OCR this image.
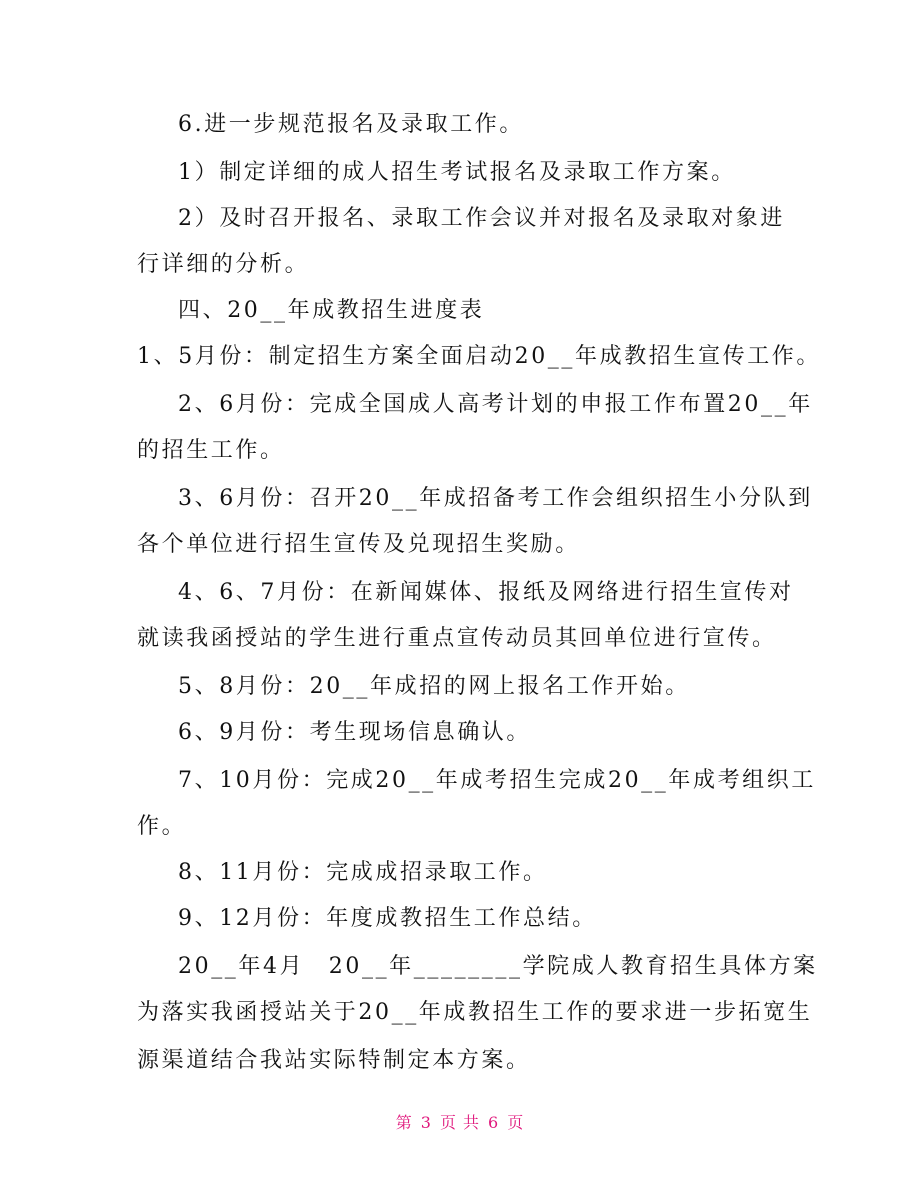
6.进一步规范报名及录取工作。
1）制定详细的成人招生考试报名及录取工作方案。
2）及时召开报名、录取工作会议并对报名及录取对象进
行详细的分析。
四、20__年成教招生进度表
1、5月份：制定招生方案全面启动20__年成教招生宣传工作。
2、6月份：完成全国成人高考计划的申报工作布置20__年
的招生工作。
3、6月份：召开20__年成招备考工作会组织招生小分队到
各个单位进行招生宣传及兑现招生奖励。
4、6、7月份：在新闻媒体、报纸及网络进行招生宣传对
就读我函授站的学生进行重点宣传动员其回单位进行宣传。
5、8月份：20__年成招的网上报名工作开始。
6、9月份：考生现场信息确认。
7、10月份：完成20__年成考招生完成20__年成考组织工
作。
8、11月份：完成成招录取工作。
9、12月份：年度成教招生工作总结。
20__年4月　20__年________学院成人教育招生具体方案
为落实我函授站关于20__年成教招生工作的要求进一步拓宽生
源渠道结合我站实际特制定本方案。
第 3 页 共 6 页
